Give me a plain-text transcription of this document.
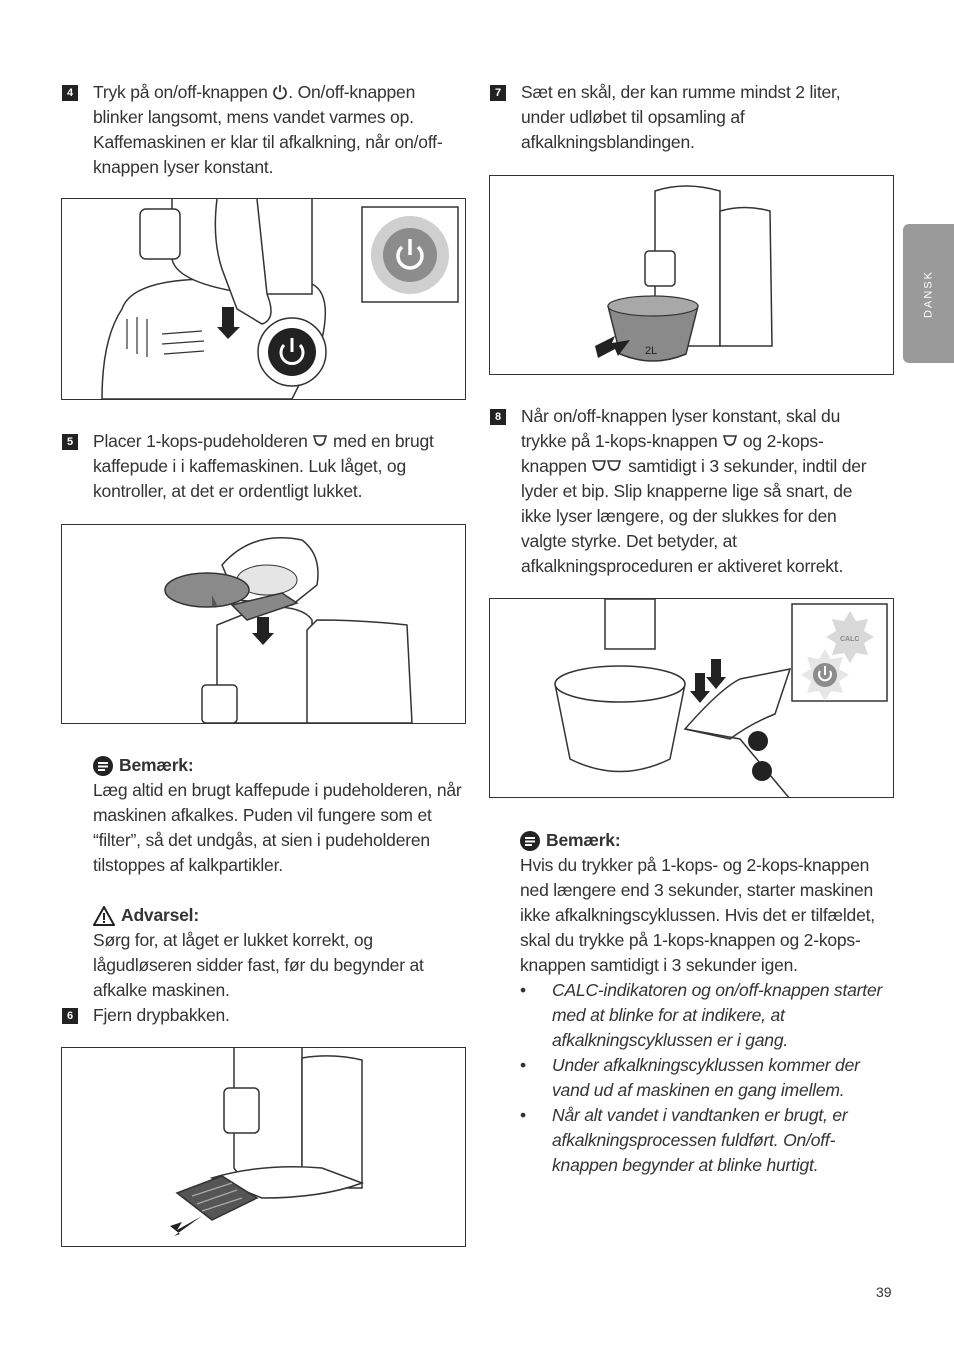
DANSK
4 Tryk på on/off-knappen . On/off-knappen blinker langsomt, mens vandet varmes op. Kaffemaskinen er klar til afkalkning, når on/off-knappen lyser konstant.
5 Placer 1-kops-pudeholderen  med en brugt kaffepude i i kaffemaskinen. Luk låget, og kontroller, at det er ordentligt lukket.
Bemærk:
Læg altid en brugt kaffepude i pudeholderen, når maskinen afkalkes. Puden vil fungere som et “filter”, så det undgås, at sien i pudeholderen tilstoppes af kalkpartikler.
Advarsel:
Sørg for, at låget er lukket korrekt, og lågudløseren sidder fast, før du begynder at afkalke maskinen.
6 Fjern drypbakken.
7 Sæt en skål, der kan rumme mindst 2 liter, under udløbet til opsamling af afkalkningsblandingen.
2L
8 Når on/off-knappen lyser konstant, skal du trykke på 1-kops-knappen  og 2-kops-knappen  samtidigt i 3 sekunder, indtil der lyder et bip. Slip knapperne lige så snart, de ikke lyser længere, og der slukkes for den valgte styrke. Det betyder, at afkalkningsproceduren er aktiveret korrekt.
CALC
Bemærk:
Hvis du trykker på 1-kops- og 2-kops-knappen ned længere end 3 sekunder, starter maskinen ikke afkalkningscyklussen. Hvis det er tilfældet, skal du trykke på 1-kops-knappen og 2-kops-knappen samtidigt i 3 sekunder igen.
• CALC-indikatoren og on/off-knappen starter med at blinke for at indikere, at afkalkningscyklussen er i gang.
• Under afkalkningscyklussen kommer der vand ud af maskinen en gang imellem.
• Når alt vandet i vandtanken er brugt, er afkalkningsprocessen fuldført. On/off-knappen begynder at blinke hurtigt.
39
